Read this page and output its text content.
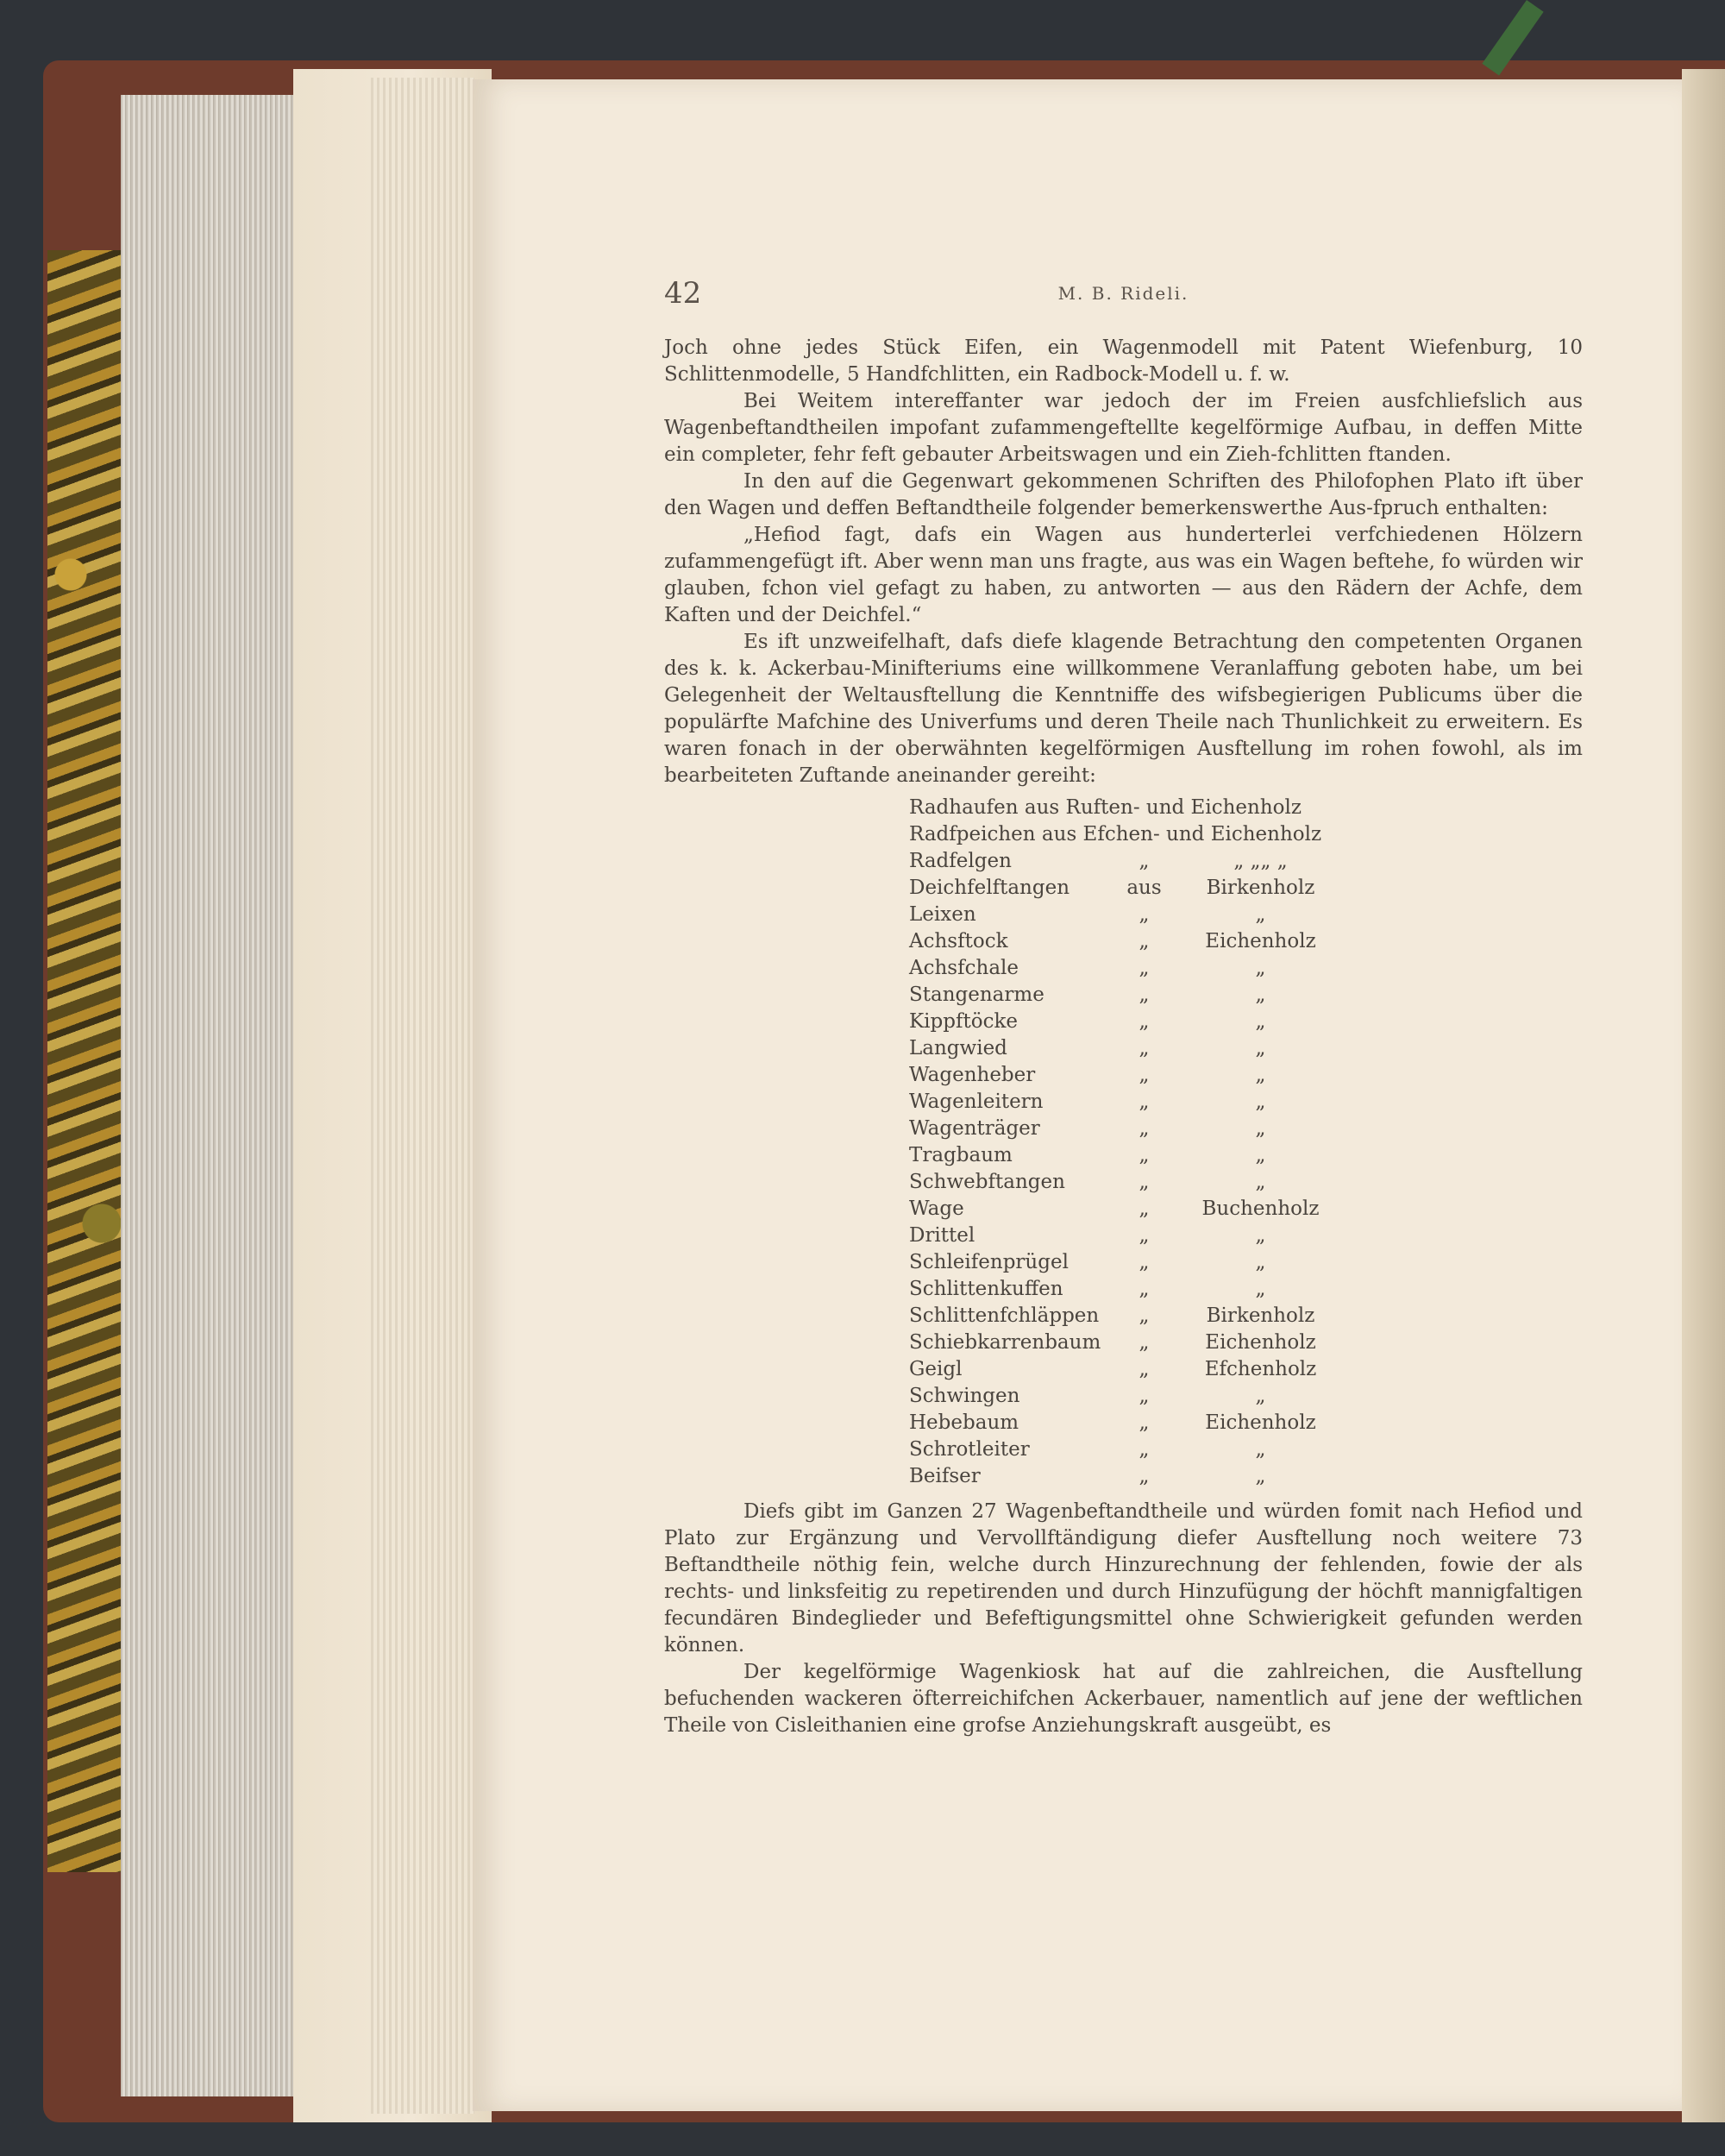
42	M. B. Rideli.

Joch ohne jedes Stück Eifen, ein Wagenmodell mit Patent Wiefenburg, 10 Schlittenmodelle, 5 Handfchlitten, ein Radbock-Modell u. f. w.

Bei Weitem intereffanter war jedoch der im Freien ausfchliefslich aus Wagenbeftandtheilen impofant zufammengeftellte kegelförmige Aufbau, in deffen Mitte ein completer, fehr feft gebauter Arbeitswagen und ein Zieh-fchlitten ftanden.

In den auf die Gegenwart gekommenen Schriften des Philofophen Plato ift über den Wagen und deffen Beftandtheile folgender bemerkenswerthe Aus-fpruch enthalten:

„Hefiod fagt, dafs ein Wagen aus hunderterlei verfchiedenen Hölzern zufammengefügt ift. Aber wenn man uns fragte, aus was ein Wagen beftehe, fo würden wir glauben, fchon viel gefagt zu haben, zu antworten — aus den Rädern der Achfe, dem Kaften und der Deichfel.“

Es ift unzweifelhaft, dafs diefe klagende Betrachtung den competenten Organen des k. k. Ackerbau-Minifteriums eine willkommene Veranlaffung geboten habe, um bei Gelegenheit der Weltausftellung die Kenntniffe des wifsbegierigen Publicums über die populärfte Mafchine des Univerfums und deren Theile nach Thunlichkeit zu erweitern. Es waren fonach in der oberwähnten kegelförmigen Ausftellung im rohen fowohl, als im bearbeiteten Zuftande aneinander gereiht:

Radhaufen aus Ruften- und Eichenholz		
Radfpeichen aus Efchen- und Eichenholz		
Radfelgen	„	„ „„ „
Deichfelftangen	aus	Birkenholz
Leixen	„	„
Achsftock	„	Eichenholz
Achsfchale	„	„
Stangenarme	„	„
Kippftöcke	„	„
Langwied	„	„
Wagenheber	„	„
Wagenleitern	„	„
Wagenträger	„	„
Tragbaum	„	„
Schwebftangen	„	„
Wage	„	Buchenholz
Drittel	„	„
Schleifenprügel	„	„
Schlittenkuffen	„	„
Schlittenfchläppen	„	Birkenholz
Schiebkarrenbaum	„	Eichenholz
Geigl	„	Efchenholz
Schwingen	„	„
Hebebaum	„	Eichenholz
Schrotleiter	„	„
Beifser	„	„

Diefs gibt im Ganzen 27 Wagenbeftandtheile und würden fomit nach Hefiod und Plato zur Ergänzung und Vervollftändigung diefer Ausftellung noch weitere 73 Beftandtheile nöthig fein, welche durch Hinzurechnung der fehlenden, fowie der als rechts- und linksfeitig zu repetirenden und durch Hinzufügung der höchft mannigfaltigen fecundären Bindeglieder und Befeftigungsmittel ohne Schwierigkeit gefunden werden können.

Der kegelförmige Wagenkiosk hat auf die zahlreichen, die Ausftellung befuchenden wackeren öfterreichifchen Ackerbauer, namentlich auf jene der weftlichen Theile von Cisleithanien eine grofse Anziehungskraft ausgeübt, es
